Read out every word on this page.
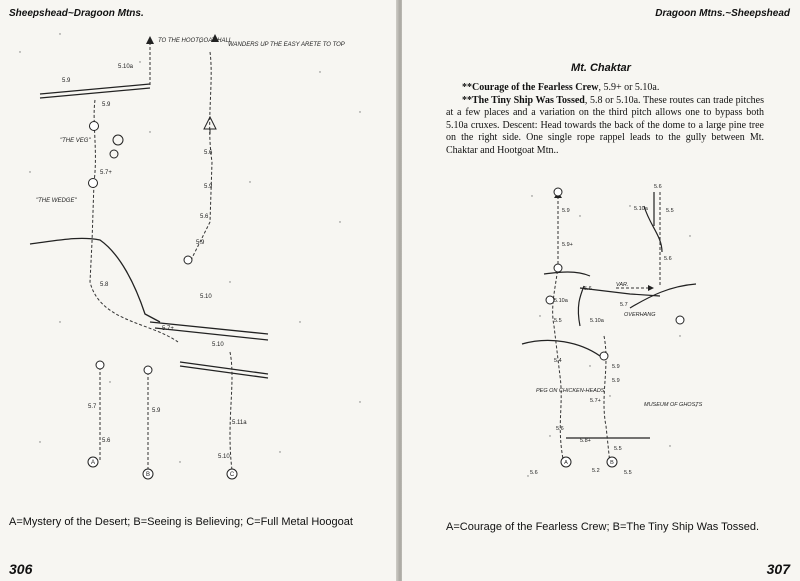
Sheepshead~Dragoon Mtns.
TO THE HOOTGOAT HALL
WANDERS UP THE EASY ARETE TO TOP
"THE VEG"
"THE WEDGE"
5.9
5.10a
5.9
5.7+
5.6
5.9
5.6
5.9
5.8
5.10
5.7+
5.10
5.7
5.9
5.11a
5.6
5.10
A
B	C
A=Mystery of the Desert; B=Seeing is Believing; C=Full Metal Hoogoat
306
Dragoon Mtns.~Sheepshead
Mt. Chaktar

**Courage of the Fearless Crew, 5.9+ or 5.10a.

**The Tiny Ship Was Tossed, 5.8 or 5.10a. These routes can trade pitches at a few places and a variation on the third pitch allows one to bypass both 5.10a cruxes. Descent: Head towards the back of the dome to a large pine tree on the right side. One single rope rappel leads to the gully between Mt. Chaktar and Hootgoat Mtn..

VAR.
OVERHANG
PEG ON CHICKEN-HEADS
MUSEUM OF GHOSTS
5.6
5.10a	5.5
5.9
5.9+
5.6
5.6
5.7
5.10a
5.5	5.10a
5.4
5.9
5.9
5.7+
5.6
5.8+
5.5
5.6	5.2	5.5
A	B
A=Courage of the Fearless Crew; B=The Tiny Ship Was Tossed.
307
